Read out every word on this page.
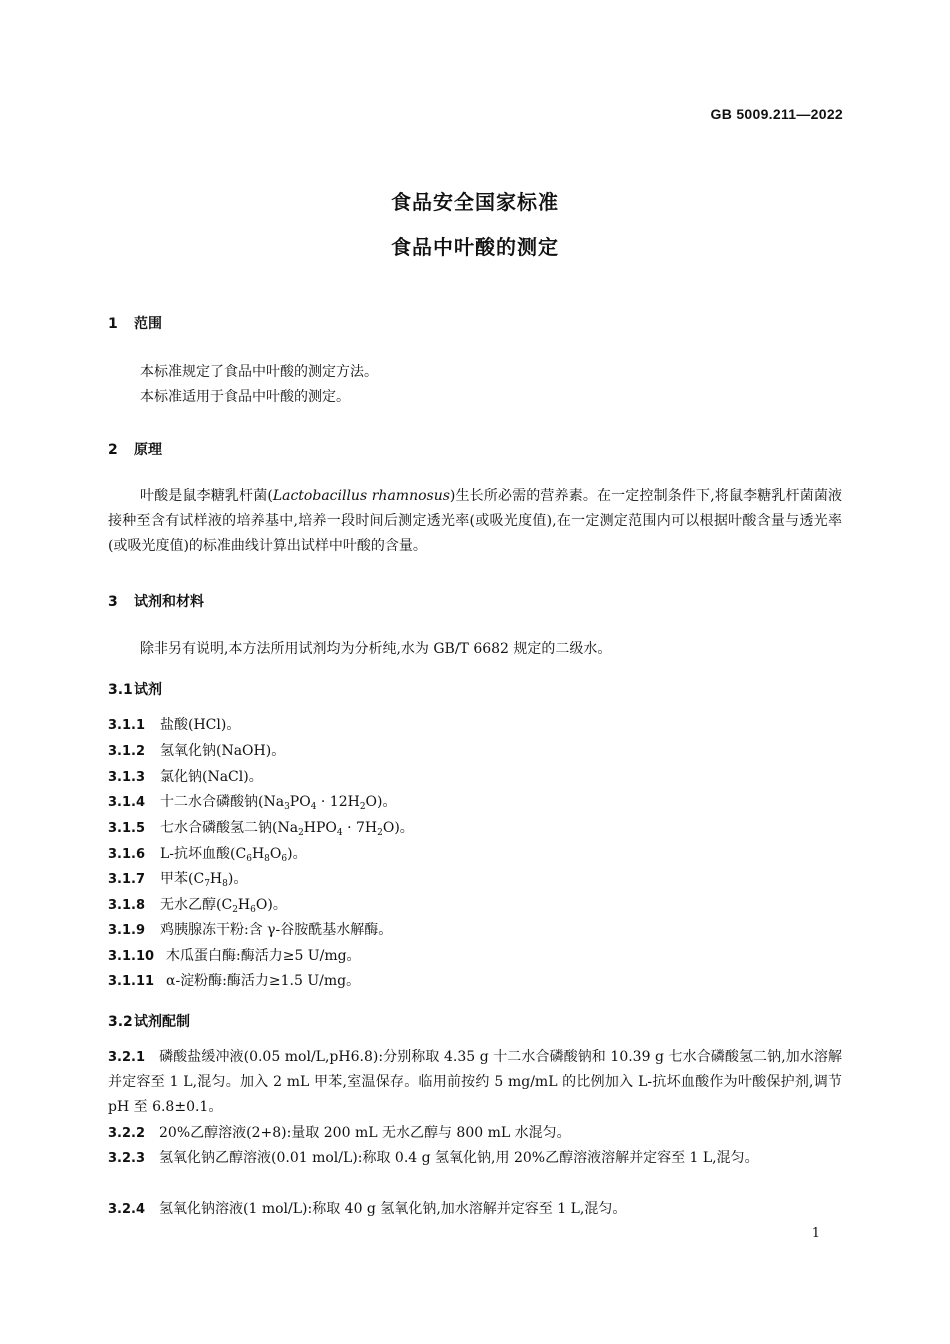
GB 5009.211—2022
食品安全国家标准
食品中叶酸的测定
1 范围
本标准规定了食品中叶酸的测定方法。
本标准适用于食品中叶酸的测定。
2 原理
叶酸是鼠李糖乳杆菌(Lactobacillus rhamnosus)生长所必需的营养素。在一定控制条件下,将鼠李糖乳杆菌菌液接种至含有试样液的培养基中,培养一段时间后测定透光率(或吸光度值),在一定测定范围内可以根据叶酸含量与透光率(或吸光度值)的标准曲线计算出试样中叶酸的含量。
3 试剂和材料
除非另有说明,本方法所用试剂均为分析纯,水为 GB/T 6682 规定的二级水。
3.1试剂
3.1.1 盐酸(HCl)。
3.1.2 氢氧化钠(NaOH)。
3.1.3 氯化钠(NaCl)。
3.1.4 十二水合磷酸钠$(Na_3PO_4 \cdot 12H_2O)$。
3.1.5 七水合磷酸氢二钠$(Na_2HPO_4 \cdot 7H_2O)$。
3.1.6 L-抗坏血酸$(C_6H_8O_6)$。
3.1.7 甲苯$(C_7H_8)$。
3.1.8 无水乙醇$(C_2H_6O)$。
3.1.9 鸡胰腺冻干粉:含 γ-谷胺酰基水解酶。
3.1.10 木瓜蛋白酶:酶活力≥5 U/mg。
3.1.11 α-淀粉酶:酶活力≥1.5 U/mg。
3.2试剂配制
3.2.1 磷酸盐缓冲液(0.05 mol/L,pH6.8):分别称取 4.35 g 十二水合磷酸钠和 10.39 g 七水合磷酸氢二钠,加水溶解并定容至 1 L,混匀。加入 2 mL 甲苯,室温保存。临用前按约 5 mg/mL 的比例加入 L-抗坏血酸作为叶酸保护剂,调节 pH 至 6.8±0.1。
3.2.2 20%乙醇溶液(2+8):量取 200 mL 无水乙醇与 800 mL 水混匀。
3.2.3 氢氧化钠乙醇溶液(0.01 mol/L):称取 0.4 g 氢氧化钠,用 20%乙醇溶液溶解并定容至 1 L,混匀。
3.2.4 氢氧化钠溶液(1 mol/L):称取 40 g 氢氧化钠,加水溶解并定容至 1 L,混匀。
1
